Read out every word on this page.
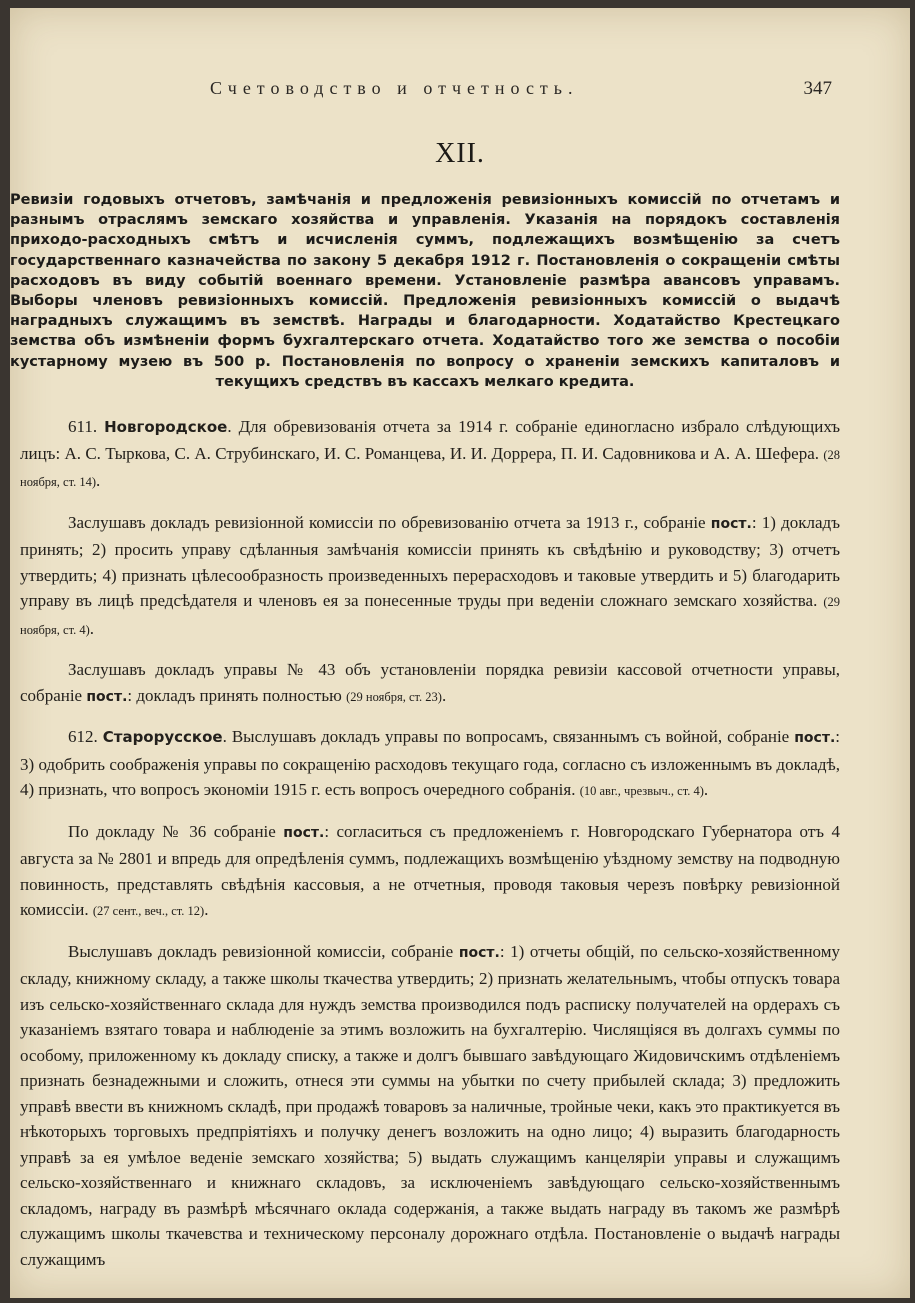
Счетоводство и отчетность.	347
XII.
Ревизіи годовыхъ отчетовъ, замѣчанія и предложенія ревизіонныхъ комиссій по отчетамъ и разнымъ отраслямъ земскаго хозяйства и управленія. Указанія на порядокъ составленія приходо-расходныхъ смѣтъ и исчисленія суммъ, подлежащихъ возмѣщенію за счетъ государственнаго казначейства по закону 5 декабря 1912 г. Постановленія о сокращеніи смѣты расходовъ въ виду событій военнаго времени. Установленіе размѣра авансовъ управамъ. Выборы членовъ ревизіонныхъ комиссій. Предложенія ревизіонныхъ комиссій о выдачѣ наградныхъ служащимъ въ земствѣ. Награды и благодарности. Ходатайство Крестецкаго земства объ измѣненіи формъ бухгалтерскаго отчета. Ходатайство того же земства о пособіи кустарному музею въ 500 р. Постановленія по вопросу о храненіи земскихъ капиталовъ и текущихъ средствъ въ кассахъ мелкаго кредита.

611. Новгородское. Для обревизованія отчета за 1914 г. собраніе единогласно избрало слѣдующихъ лицъ: А. С. Тыркова, С. А. Струбинскаго, И. С. Романцева, И. И. Доррера, П. И. Садовникова и А. А. Шефера. (28 ноября, ст. 14).

Заслушавъ докладъ ревизіонной комиссіи по обревизованію отчета за 1913 г., собраніе пост.: 1) докладъ принять; 2) просить управу сдѣланныя замѣчанія комиссіи принять къ свѣдѣнію и руководству; 3) отчетъ утвердить; 4) признать цѣлесообразность произведенныхъ перерасходовъ и таковые утвердить и 5) благодарить управу въ лицѣ предсѣдателя и членовъ ея за понесенные труды при веденіи сложнаго земскаго хозяйства. (29 ноября, ст. 4).

Заслушавъ докладъ управы № 43 объ установленіи порядка ревизіи кассовой отчетности управы, собраніе пост.: докладъ принять полностью (29 ноября, ст. 23).

612. Старорусское. Выслушавъ докладъ управы по вопросамъ, связаннымъ съ войной, собраніе пост.: 3) одобрить соображенія управы по сокращенію расходовъ текущаго года, согласно съ изложеннымъ въ докладѣ, 4) признать, что вопросъ экономіи 1915 г. есть вопросъ очередного собранія. (10 авг., чрезвыч., ст. 4).

По докладу № 36 собраніе пост.: согласиться съ предложеніемъ г. Новгородскаго Губернатора отъ 4 августа за № 2801 и впредь для опредѣленія суммъ, подлежащихъ возмѣщенію уѣздному земству на подводную повинность, представлять свѣдѣнія кассовыя, а не отчетныя, проводя таковыя черезъ повѣрку ревизіонной комиссіи. (27 сент., веч., ст. 12).

Выслушавъ докладъ ревизіонной комиссіи, собраніе пост.: 1) отчеты общій, по сельско-хозяйственному складу, книжному складу, а также школы ткачества утвердить; 2) признать желательнымъ, чтобы отпускъ товара изъ сельско-хозяйственнаго склада для нуждъ земства производился подъ расписку получателей на ордерахъ съ указаніемъ взятаго товара и наблюденіе за этимъ возложить на бухгалтерію. Числящіяся въ долгахъ суммы по особому, приложенному къ докладу списку, а также и долгъ бывшаго завѣдующаго Жидовичскимъ отдѣленіемъ признать безнадежными и сложить, отнеся эти суммы на убытки по счету прибылей склада; 3) предложить управѣ ввести въ книжномъ складѣ, при продажѣ товаровъ за наличные, тройные чеки, какъ это практикуется въ нѣкоторыхъ торговыхъ предпріятіяхъ и получку денегъ возложить на одно лицо; 4) выразить благодарность управѣ за ея умѣлое веденіе земскаго хозяйства; 5) выдать служащимъ канцеляріи управы и служащимъ сельско-хозяйственнаго и книжнаго складовъ, за исключеніемъ завѣдующаго сельско-хозяйственнымъ складомъ, награду въ размѣрѣ мѣсячнаго оклада содержанія, а также выдать награду въ такомъ же размѣрѣ служащимъ школы ткачевства и техническому персоналу дорожнаго отдѣла. Постановленіе о выдачѣ награды служащимъ
